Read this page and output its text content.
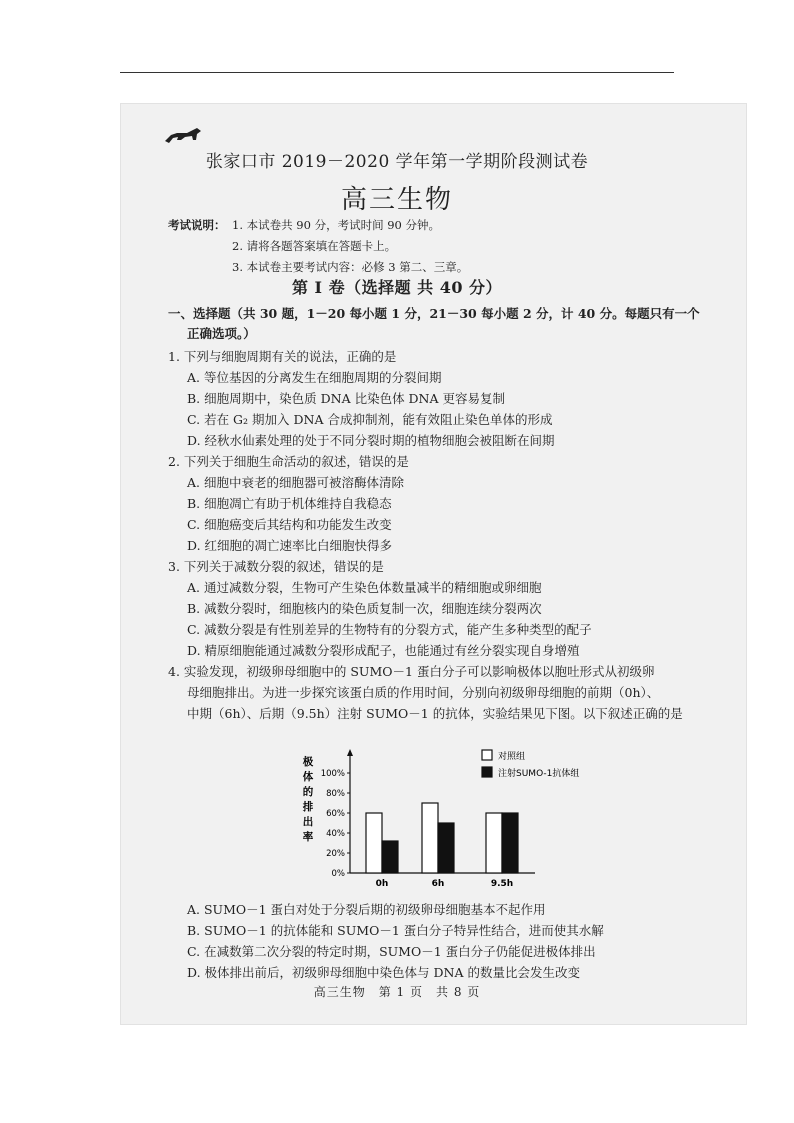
张家口市 2019－2020 学年第一学期阶段测试卷
高三生物
考试说明： 1. 本试卷共 90 分，考试时间 90 分钟。
2. 请将各题答案填在答题卡上。
3. 本试卷主要考试内容：必修 3 第二、三章。
第 Ⅰ 卷（选择题 共 40 分）
一、选择题（共 30 题，1－20 每小题 1 分，21－30 每小题 2 分，计 40 分。每题只有一个
正确选项。）
1. 下列与细胞周期有关的说法，正确的是
A. 等位基因的分离发生在细胞周期的分裂间期
B. 细胞周期中，染色质 DNA 比染色体 DNA 更容易复制
C. 若在 G₂ 期加入 DNA 合成抑制剂，能有效阻止染色单体的形成
D. 经秋水仙素处理的处于不同分裂时期的植物细胞会被阻断在间期
2. 下列关于细胞生命活动的叙述，错误的是
A. 细胞中衰老的细胞器可被溶酶体清除
B. 细胞凋亡有助于机体维持自我稳态
C. 细胞癌变后其结构和功能发生改变
D. 红细胞的凋亡速率比白细胞快得多
3. 下列关于减数分裂的叙述，错误的是
A. 通过减数分裂，生物可产生染色体数量减半的精细胞或卵细胞
B. 减数分裂时，细胞核内的染色质复制一次，细胞连续分裂两次
C. 减数分裂是有性别差异的生物特有的分裂方式，能产生多种类型的配子
D. 精原细胞能通过减数分裂形成配子，也能通过有丝分裂实现自身增殖
4. 实验发现，初级卵母细胞中的 SUMO－1 蛋白分子可以影响极体以胞吐形式从初级卵
母细胞排出。为进一步探究该蛋白质的作用时间，分别向初级卵母细胞的前期（0h）、
中期（6h）、后期（9.5h）注射 SUMO－1 的抗体，实验结果见下图。以下叙述正确的是
极
体
的
排
出
率
0%
20%
40%
60%
80%
100%
0h	6h	9.5h
对照组
注射SUMO-1抗体组
A. SUMO－1 蛋白对处于分裂后期的初级卵母细胞基本不起作用
B. SUMO－1 的抗体能和 SUMO－1 蛋白分子特异性结合，进而使其水解
C. 在减数第二次分裂的特定时期，SUMO－1 蛋白分子仍能促进极体排出
D. 极体排出前后，初级卵母细胞中染色体与 DNA 的数量比会发生改变
高三生物　第 1 页　共 8 页
